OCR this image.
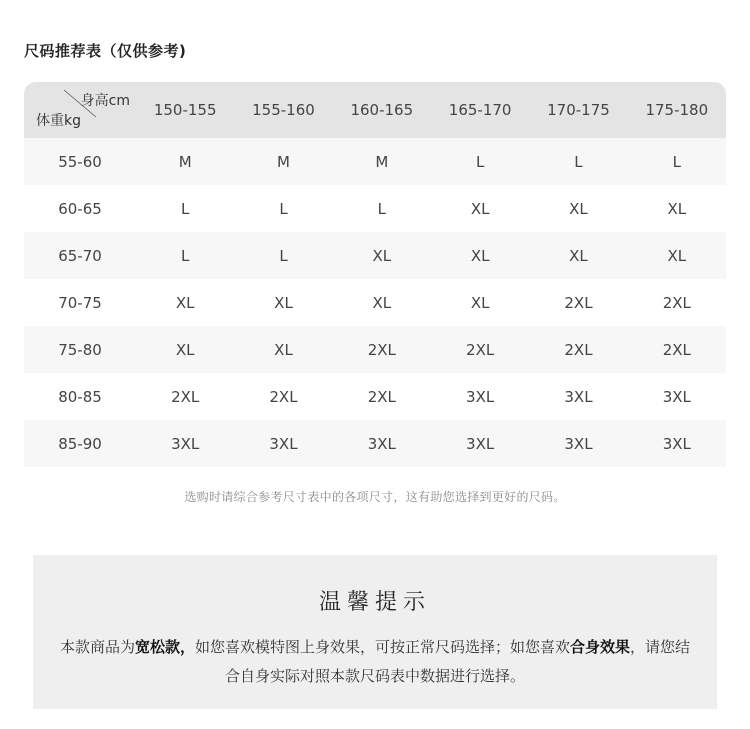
尺码推荐表（仅供参考)
身高cm
体重kg	150-155	155-160	160-165	165-170	170-175	175-180
55-60	M	M	M	L	L	L
60-65	L	L	L	XL	XL	XL
65-70	L	L	XL	XL	XL	XL
70-75	XL	XL	XL	XL	2XL	2XL
75-80	XL	XL	2XL	2XL	2XL	2XL
80-85	2XL	2XL	2XL	3XL	3XL	3XL
85-90	3XL	3XL	3XL	3XL	3XL	3XL
选购时请综合参考尺寸表中的各项尺寸，这有助您选择到更好的尺码。
温馨提示
本款商品为宽松款，如您喜欢模特图上身效果，可按正常尺码选择；如您喜欢合身效果，请您结合自身实际对照本款尺码表中数据进行选择。
